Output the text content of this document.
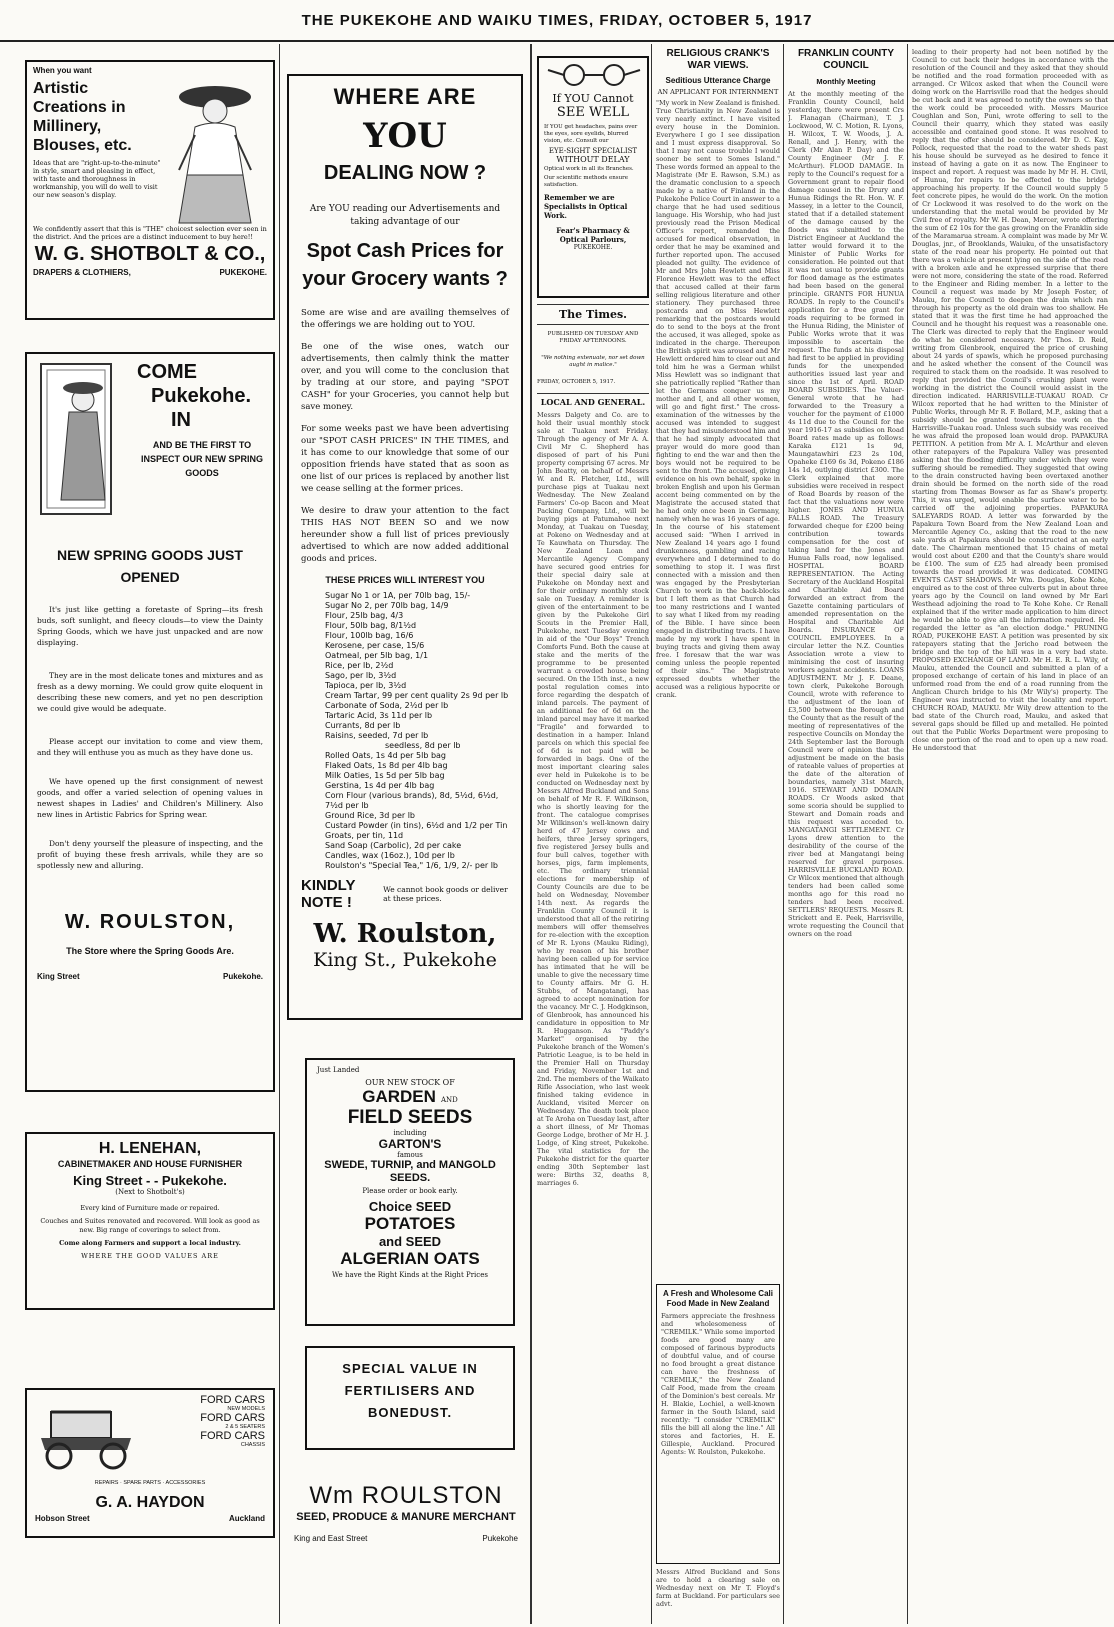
THE PUKEKOHE AND WAIKU TIMES, FRIDAY, OCTOBER 5, 1917
When you want
Artistic Creations in Millinery, Blouses, etc.
Ideas that are "right-up-to-the-minute" in style, smart and pleasing in effect, with taste and thoroughness in workmanship, you will do well to visit our new season's display.
We confidently assert that this is "THE" choicest selection ever seen in the district. And the prices are a distinct inducement to buy here!!
W. G. SHOTBOLT & CO.,
DRAPERS & CLOTHIERS,	PUKEKOHE.
COME
Pukekohe.
IN
AND BE THE FIRST TO INSPECT OUR NEW SPRING GOODS
NEW SPRING GOODS JUST OPENED

It's just like getting a foretaste of Spring—its fresh buds, soft sunlight, and fleecy clouds—to view the Dainty Spring Goods, which we have just unpacked and are now displaying.

They are in the most delicate tones and mixtures and as fresh as a dewy morning. We could grow quite eloquent in describing these new comers, and yet no pen description we could give would be adequate.

Please accept our invitation to come and view them, and they will enthuse you as much as they have done us.

We have opened up the first consignment of newest goods, and offer a varied selection of opening values in newest shapes in Ladies' and Children's Millinery. Also new lines in Artistic Fabrics for Spring wear.

Don't deny yourself the pleasure of inspecting, and the profit of buying these fresh arrivals, while they are so spotlessly new and alluring.

W. ROULSTON,
The Store where the Spring Goods Are.
King Street	Pukekohe.
H. LENEHAN,
CABINETMAKER AND HOUSE FURNISHER
King Street - - Pukekohe.
(Next to Shotbolt's)
Every kind of Furniture made or repaired.
Couches and Suites renovated and recovered. Will look as good as new. Big range of coverings to select from.
Come along Farmers and support a local industry.
WHERE THE GOOD VALUES ARE
FORD CARS
NEW MODELS
FORD CARS
2 & 5 SEATERS
FORD CARS
CHASSIS
REPAIRS · SPARE PARTS · ACCESSORIES
G. A. HAYDON
Hobson Street	Auckland
WHERE ARE
YOU
DEALING NOW ?
Are YOU reading our Advertisements and taking advantage of our
Spot Cash Prices for your Grocery wants ?

Some are wise and are availing themselves of the offerings we are holding out to YOU.

Be one of the wise ones, watch our advertisements, then calmly think the matter over, and you will come to the conclusion that by trading at our store, and paying "SPOT CASH" for your Groceries, you cannot help but save money.

For some weeks past we have been advertising our "SPOT CASH PRICES" IN THE TIMES, and it has come to our knowledge that some of our opposition friends have stated that as soon as one list of our prices is replaced by another list we cease selling at the former prices.

We desire to draw your attention to the fact THIS HAS NOT BEEN SO and we now hereunder show a full list of prices previously advertised to which are now added additional goods and prices.

THESE PRICES WILL INTEREST YOU
Sugar No 1 or 1A, per 70lb bag, 15/-
Sugar No 2, per 70lb bag, 14/9
Flour, 25lb bag, 4/3
Flour, 50lb bag, 8/1½d
Flour, 100lb bag, 16/6
Kerosene, per case, 15/6
Oatmeal, per 5lb bag, 1/1
Rice, per lb, 2½d
Sago, per lb, 3½d
Tapioca, per lb, 3½d
Cream Tartar, 99 per cent quality 2s 9d per lb
Carbonate of Soda, 2½d per lb
Tartaric Acid, 3s 11d per lb
Currants, 8d per lb
Raisins, seeded, 7d per lb
seedless, 8d per lb
Rolled Oats, 1s 4d per 5lb bag
Flaked Oats, 1s 8d per 4lb bag
Milk Oaties, 1s 5d per 5lb bag
Gerstina, 1s 4d per 4lb bag
Corn Flour (various brands), 8d, 5½d, 6½d, 7½d per lb
Ground Rice, 3d per lb
Custard Powder (in tins), 6½d and 1/2 per Tin
Groats, per tin, 11d
Sand Soap (Carbolic), 2d per cake
Candles, wax (16oz.), 10d per lb
Roulston's "Special Tea," 1/6, 1/9, 2/- per lb
KINDLY NOTE !
We cannot book goods or deliver at these prices.
W. Roulston,
King St., Pukekohe
Just Landed
OUR NEW STOCK OF
GARDEN AND
FIELD SEEDS
including
GARTON'S
famous
SWEDE, TURNIP, and MANGOLD SEEDS.
Please order or book early.
Choice SEED
POTATOES
and SEED
ALGERIAN OATS
We have the Right Kinds at the Right Prices
SPECIAL VALUE IN FERTILISERS AND BONEDUST.
Wm ROULSTON
SEED, PRODUCE & MANURE MERCHANT
King and East Street	Pukekohe
If YOU Cannot
SEE WELL
If YOU get headaches, pains over the eyes, sore eyelids, blurred vision, etc. Consult our
EYE-SIGHT SPECIALIST
WITHOUT DELAY
Optical work in all its Branches.
Our scientific methods ensure satisfaction.
Remember we are Specialists in Optical Work.
Fear's Pharmacy & Optical Parlours,
PUKEKOHE.
The Times.
PUBLISHED ON TUESDAY AND FRIDAY AFTERNOONS.
"We nothing extenuate, nor set down aught in malice."
FRIDAY, OCTOBER 5, 1917.
LOCAL AND GENERAL.
Messrs Dalgety and Co. are to hold their usual monthly stock sale at Tuakau next Friday. Through the agency of Mr A. A. Civil Mr C. Shepherd has disposed of part of his Puni property comprising 67 acres. Mr John Beatty, on behalf of Messrs W. and R. Fletcher, Ltd., will purchase pigs at Tuakau next Wednesday. The New Zealand Farmers' Co-op Bacon and Meat Packing Company, Ltd., will be buying pigs at Patumahoe next Monday, at Tuakau on Tuesday, at Pokeno on Wednesday and at Te Kauwhata on Thursday. The New Zealand Loan and Mercantile Agency Company have secured good entries for their special dairy sale at Pukekohe on Monday next and for their ordinary monthly stock sale on Tuesday. A reminder is given of the entertainment to be given by the Pukekohe Girl Scouts in the Premier Hall, Pukekohe, next Tuesday evening in aid of the "Our Boys" Trench Comforts Fund. Both the cause at stake and the merits of the programme to be presented warrant a crowded house being secured. On the 15th inst., a new postal regulation comes into force regarding the despatch of inland parcels. The payment of an additional fee of 6d on the inland parcel may have it marked "Fragile" and forwarded to destination in a hamper. Inland parcels on which this special fee of 6d is not paid will be forwarded in bags. One of the most important clearing sales ever held in Pukekohe is to be conducted on Wednesday next by Messrs Alfred Buckland and Sons on behalf of Mr R. F. Wilkinson, who is shortly leaving for the front. The catalogue comprises Mr Wilkinson's well-known dairy herd of 47 Jersey cows and heifers, three Jersey springers, five registered Jersey bulls and four bull calves, together with horses, pigs, farm implements, etc. The ordinary triennial elections for membership of County Councils are due to be held on Wednesday, November 14th next. As regards the Franklin County Council it is understood that all of the retiring members will offer themselves for re-election with the exception of Mr R. Lyons (Mauku Riding), who by reason of his brother having been called up for service has intimated that he will be unable to give the necessary time to County affairs. Mr G. H. Stubbs, of Mangatangi, has agreed to accept nomination for the vacancy. Mr C. J. Hodgkinson, of Glenbrook, has announced his candidature in opposition to Mr R. Hugganson. As "Paddy's Market" organised by the Pukekohe branch of the Women's Patriotic League, is to be held in the Premier Hall on Thursday and Friday, November 1st and 2nd. The members of the Waikato Rifle Association, who last week finished taking evidence in Auckland, visited Mercer on Wednesday. The death took place at Te Aroha on Tuesday last, after a short illness, of Mr Thomas George Lodge, brother of Mr H. J. Lodge, of King street, Pukekohe. The vital statistics for the Pukekohe district for the quarter ending 30th September last were: Births 32, deaths 8, marriages 6.
RELIGIOUS CRANK'S WAR VIEWS.
Seditious Utterance Charge
AN APPLICANT FOR INTERNMENT
"My work in New Zealand is finished. True Christianity in New Zealand is very nearly extinct. I have visited every house in the Dominion. Everywhere I go I see dissipation and I must express disapproval. So that I may not cause trouble I would sooner be sent to Somes Island." These words formed an appeal to the Magistrate (Mr E. Rawson, S.M.) as the dramatic conclusion to a speech made by a native of Finland in the Pukekohe Police Court in answer to a charge that he had used seditious language. His Worship, who had just previously read the Prison Medical Officer's report, remanded the accused for medical observation, in order that he may be examined and further reported upon. The accused pleaded not guilty. The evidence of Mr and Mrs John Hewlett and Miss Florence Hewlett was to the effect that accused called at their farm selling religious literature and other stationery. They purchased three postcards and on Miss Hewlett remarking that the postcards would do to send to the boys at the front the accused, it was alleged, spoke as indicated in the charge. Thereupon the British spirit was aroused and Mr Hewlett ordered him to clear out and told him he was a German whilst Miss Hewlett was so indignant that she patriotically replied "Rather than let the Germans conquer us my mother and I, and all other women, will go and fight first." The cross-examination of the witnesses by the accused was intended to suggest that they had misunderstood him and that he had simply advocated that prayer would do more good than fighting to end the war and then the boys would not be required to be sent to the front. The accused, giving evidence on his own behalf, spoke in broken English and upon his German accent being commented on by the Magistrate the accused stated that he had only once been in Germany, namely when he was 16 years of age. In the course of his statement accused said: "When I arrived in New Zealand 14 years ago I found drunkenness, gambling and racing everywhere and I determined to do something to stop it. I was first connected with a mission and then was engaged by the Presbyterian Church to work in the back-blocks but I left them as that Church had too many restrictions and I wanted to say what I liked from my reading of the Bible. I have since been engaged in distributing tracts. I have made by my work I have spent in buying tracts and giving them away free. I foresaw that the war was coming unless the people repented of their sins." The Magistrate expressed doubts whether the accused was a religious hypocrite or crank.
A Fresh and Wholesome Cali Food Made in New Zealand
Farmers appreciate the freshness and wholesomeness of "CREMILK." While some imported foods are good many are composed of farinous byproducts of doubtful value, and of course no food brought a great distance can have the freshness of "CREMILK," the New Zealand Calf Food, made from the cream of the Dominion's best cereals. Mr H. Blakie, Lochiel, a well-known farmer in the South Island, said recently: "I consider "CREMILK" fills the bill all along the line." All stores and factories, H. E. Gillespie, Auckland. Procured Agents: W. Roulston, Pukekohe.
Messrs Alfred Buckland and Sons are to hold a clearing sale on Wednesday next on Mr T. Floyd's farm at Buckland. For particulars see advt.
FRANKLIN COUNTY COUNCIL
Monthly Meeting
At the monthly meeting of the Franklin County Council, held yesterday, there were present Crs J. Flanagan (Chairman), T. J. Lockwood, W. C. Motion, R. Lyons, H. Wilcox, T. W. Woods, J. A. Renall, and J. Henry, with the Clerk (Mr Alan P. Day) and the County Engineer (Mr J. F. McArthur). FLOOD DAMAGE. In reply to the Council's request for a Government grant to repair flood damage caused in the Drury and Hunua Ridings the Rt. Hon. W. F. Massey, in a letter to the Council, stated that if a detailed statement of the damage caused by the floods was submitted to the District Engineer at Auckland the latter would forward it to the Minister of Public Works for consideration. He pointed out that it was not usual to provide grants for flood damage as the estimates had been based on the general principle. GRANTS FOR HUNUA ROADS. In reply to the Council's application for a free grant for roads requiring to be formed in the Hunua Riding, the Minister of Public Works wrote that it was impossible to ascertain the request. The funds at his disposal had first to be applied in providing funds for the unexpended authorities issued last year and since the 1st of April. ROAD BOARD SUBSIDIES. The Valuer-General wrote that he had forwarded to the Treasury a voucher for the payment of £1000 4s 11d due to the Council for the year 1916-17 as subsidies on Road Board rates made up as follows: Karaka £121 1s 9d, Maungatawhiri £23 2s 10d, Opaheke £169 6s 3d, Pokeno £186 14s 1d, outlying district £300. The Clerk explained that more subsidies were received in respect of Road Boards by reason of the fact that the valuations now were higher. JONES AND HUNUA FALLS ROAD. The Treasury forwarded cheque for £200 being contribution towards compensation for the cost of taking land for the Jones and Hunua Falls road, now legalised. HOSPITAL BOARD REPRESENTATION. The Acting Secretary of the Auckland Hospital and Charitable Aid Board forwarded an extract from the Gazette containing particulars of amended representation on the Hospital and Charitable Aid Boards. INSURANCE OF COUNCIL EMPLOYEES. In a circular letter the N.Z. Counties Association wrote a view to minimising the cost of insuring workers against accidents. LOANS ADJUSTMENT. Mr J. F. Deane, town clerk, Pukekohe Borough Council, wrote with reference to the adjustment of the loan of £3,500 between the Borough and the County that as the result of the meeting of representatives of the respective Councils on Monday the 24th September last the Borough Council were of opinion that the adjustment be made on the basis of rateable values of properties at the date of the alteration of boundaries, namely 31st March, 1916. STEWART AND DOMAIN ROADS. Cr Woods asked that some scoria should be supplied to Stewart and Domain roads and this request was acceded to. MANGATANGI SETTLEMENT. Cr Lyons drew attention to the desirability of the course of the river bed at Mangatangi being reserved for gravel purposes. HARRISVILLE BUCKLAND ROAD. Cr Wilcox mentioned that although tenders had been called some months ago for this road no tenders had been received. SETTLERS' REQUESTS. Messrs R. Strickett and E. Peek, Harrisville, wrote requesting the Council that owners on the road
leading to their property had not been notified by the Council to cut back their hedges in accordance with the resolution of the Council and they asked that they should be notified and the road formation proceeded with as arranged. Cr Wilcox asked that when the Council were doing work on the Harrisville road that the hedges should be cut back and it was agreed to notify the owners so that the work could be proceeded with. Messrs Maurice Coughlan and Son, Puni, wrote offering to sell to the Council their quarry, which they stated was easily accessible and contained good stone. It was resolved to reply that the offer should be considered. Mr D. C. Kay, Pollock, requested that the road to the water sheds past his house should be surveyed as he desired to fence it instead of having a gate on it as now. The Engineer to inspect and report. A request was made by Mr H. H. Civil, of Hunua, for repairs to be effected to the bridge approaching his property. If the Council would supply 5 feet concrete pipes, he would do the work. On the motion of Cr Lockwood it was resolved to do the work on the understanding that the metal would be provided by Mr Civil free of royalty. Mr W. H. Dean, Mercer, wrote offering the sum of £2 10s for the gas growing on the Franklin side of the Maramarua stream. A complaint was made by Mr W. Douglas, jnr., of Brooklands, Waiuku, of the unsatisfactory state of the road near his property. He pointed out that there was a vehicle at present lying on the side of the road with a broken axle and he expressed surprise that there were not more, considering the state of the road. Referred to the Engineer and Riding member. In a letter to the Council a request was made by Mr Joseph Foster, of Mauku, for the Council to deepen the drain which ran through his property as the old drain was too shallow. He stated that it was the first time he had approached the Council and he thought his request was a reasonable one. The Clerk was directed to reply that the Engineer would do what he considered necessary. Mr Thos. D. Reid, writing from Glenbrook, enquired the price of crushing about 24 yards of spawls, which he proposed purchasing and he asked whether the consent of the Council was required to stack them on the roadside. It was resolved to reply that provided the Council's crushing plant were working in the district the Council would assist in the direction indicated. HARRISVILLE-TUAKAU ROAD. Cr Wilcox reported that he had written to the Minister of Public Works, through Mr R. F. Bollard, M.P., asking that a subsidy should be granted towards the work on the Harrisville-Tuakau road. Unless such subsidy was received he was afraid the proposed loan would drop. PAPAKURA PETITION. A petition from Mr A. I. McArthur and eleven other ratepayers of the Papakura Valley was presented asking that the flooding difficulty under which they were suffering should be remedied. They suggested that owing to the drain constructed having been overtaxed another drain should be formed on the north side of the road starting from Thomas Bowser as far as Shaw's property. This, it was urged, would enable the surface water to be carried off the adjoining properties. PAPAKURA SALEYARDS ROAD. A letter was forwarded by the Papakura Town Board from the New Zealand Loan and Mercantile Agency Co., asking that the road to the new sale yards at Papakura should be constructed at an early date. The Chairman mentioned that 15 chains of metal would cost about £200 and that the County's share would be £100. The sum of £25 had already been promised towards the road provided it was dedicated. COMING EVENTS CAST SHADOWS. Mr Wm. Douglas, Kohe Kohe, enquired as to the cost of three culverts put in about three years ago by the Council on land owned by Mr Earl Westhead adjoining the road to Te Kohe Kohe. Cr Renall explained that if the writer made application to him direct he would be able to give all the information required. He regarded the letter as "an election dodge." PRUNING ROAD, PUKEKOHE EAST. A petition was presented by six ratepayers stating that the Jericho road between the bridge and the top of the hill was in a very bad state. PROPOSED EXCHANGE OF LAND. Mr H. E. R. L. Wily, of Mauku, attended the Council and submitted a plan of a proposed exchange of certain of his land in place of an unformed road from the end of a road running from the Anglican Church bridge to his (Mr Wily's) property. The Engineer was instructed to visit the locality and report. CHURCH ROAD, MAUKU. Mr Wily drew attention to the bad state of the Church road, Mauku, and asked that several gaps should be filled up and metalled. He pointed out that the Public Works Department were proposing to close one portion of the road and to open up a new road. He understood that
